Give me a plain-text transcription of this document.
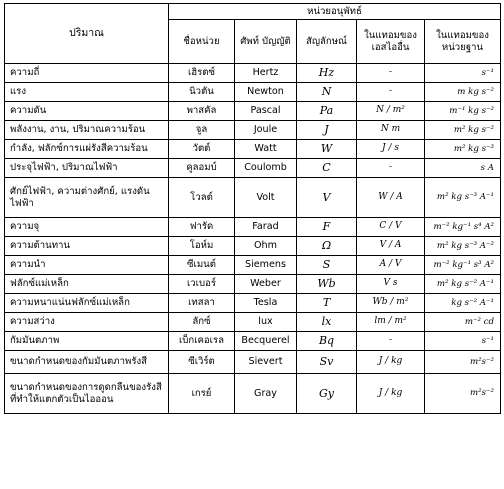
ปริมาณ	หน่วยอนุพัทธ์				
	ชื่อหน่วย	ศัพท์ บัญญัติ	สัญลักษณ์	ในแทอมของ เอสไออื่น	ในแทอมของ หน่วยฐาน
ความถี่	เฮิรตซ์	Hertz	Hz	-	s⁻¹
แรง	นิวตัน	Newton	N	-	m kg s⁻²
ความดัน	พาสคัล	Pascal	Pa	N / m²	m⁻¹ kg s⁻²
พลังงาน, งาน, ปริมาณความร้อน	จูล	Joule	J	N m	m² kg s⁻²
กำลัง, ฟลักซ์การแผ่รังสีความร้อน	วัตต์	Watt	W	J / s	m² kg s⁻³
ประจุไฟฟ้า, ปริมาณไฟฟ้า	คูลอมบ์	Coulomb	C	-	s A
ศักย์ไฟฟ้า, ความต่างศักย์, แรงดันไฟฟ้า	โวลต์	Volt	V	W / A	m² kg s⁻³ A⁻¹
ความจุ	ฟารัด	Farad	F	C / V	m⁻² kg⁻¹ s⁴ A²
ความต้านทาน	โอห์ม	Ohm	Ω	V / A	m² kg s⁻³ A⁻²
ความนำ	ซีเมนต์	Siemens	S	A / V	m⁻² kg⁻¹ s³ A²
ฟลักซ์แม่เหล็ก	เวเบอร์	Weber	Wb	V s	m² kg s⁻² A⁻¹
ความหนาแน่นฟลักซ์แม่เหล็ก	เทสลา	Tesla	T	Wb / m²	kg s⁻² A⁻¹
ความสว่าง	ลักซ์	lux	lx	lm / m²	m⁻² cd
กัมมันตภาพ	เบ็กเคอเรล	Becquerel	Bq	-	s⁻¹
ขนาดกำหนดของกัมมันตภาพรังสี	ซีเวิร์ต	Sievert	Sv	J / kg	m²s⁻²
ขนาดกำหนดของการดูดกลืนของรังสีที่ทำให้แตกตัวเป็นไอออน	เกรย์	Gray	Gy	J / kg	m²s⁻²
